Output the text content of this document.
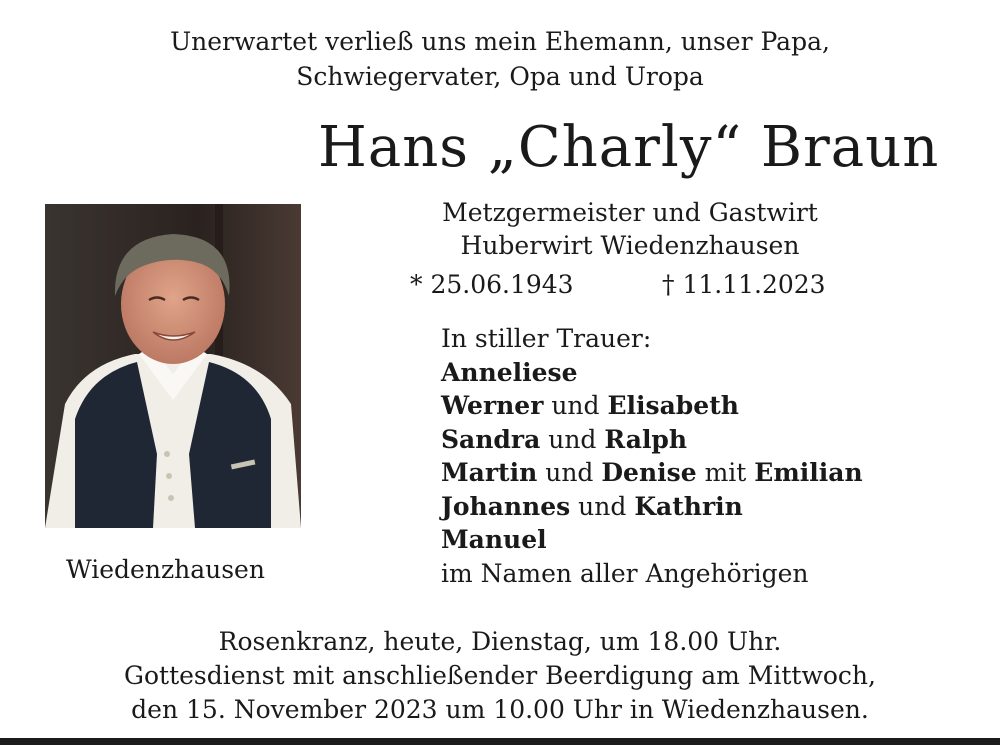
Unerwartet verließ uns mein Ehemann, unser Papa,
Schwiegervater, Opa und Uropa
Hans „Charly“ Braun
Metzgermeister und Gastwirt
Huberwirt Wiedenzhausen
* 25.06.1943	† 11.11.2023
Wiedenzhausen
In stiller Trauer:
Anneliese
Werner und Elisabeth
Sandra und Ralph
Martin und Denise mit Emilian
Johannes und Kathrin
Manuel
im Namen aller Angehörigen
Rosenkranz, heute, Dienstag, um 18.00 Uhr.
Gottesdienst mit anschließender Beerdigung am Mittwoch,
den 15. November 2023 um 10.00 Uhr in Wiedenzhausen.
